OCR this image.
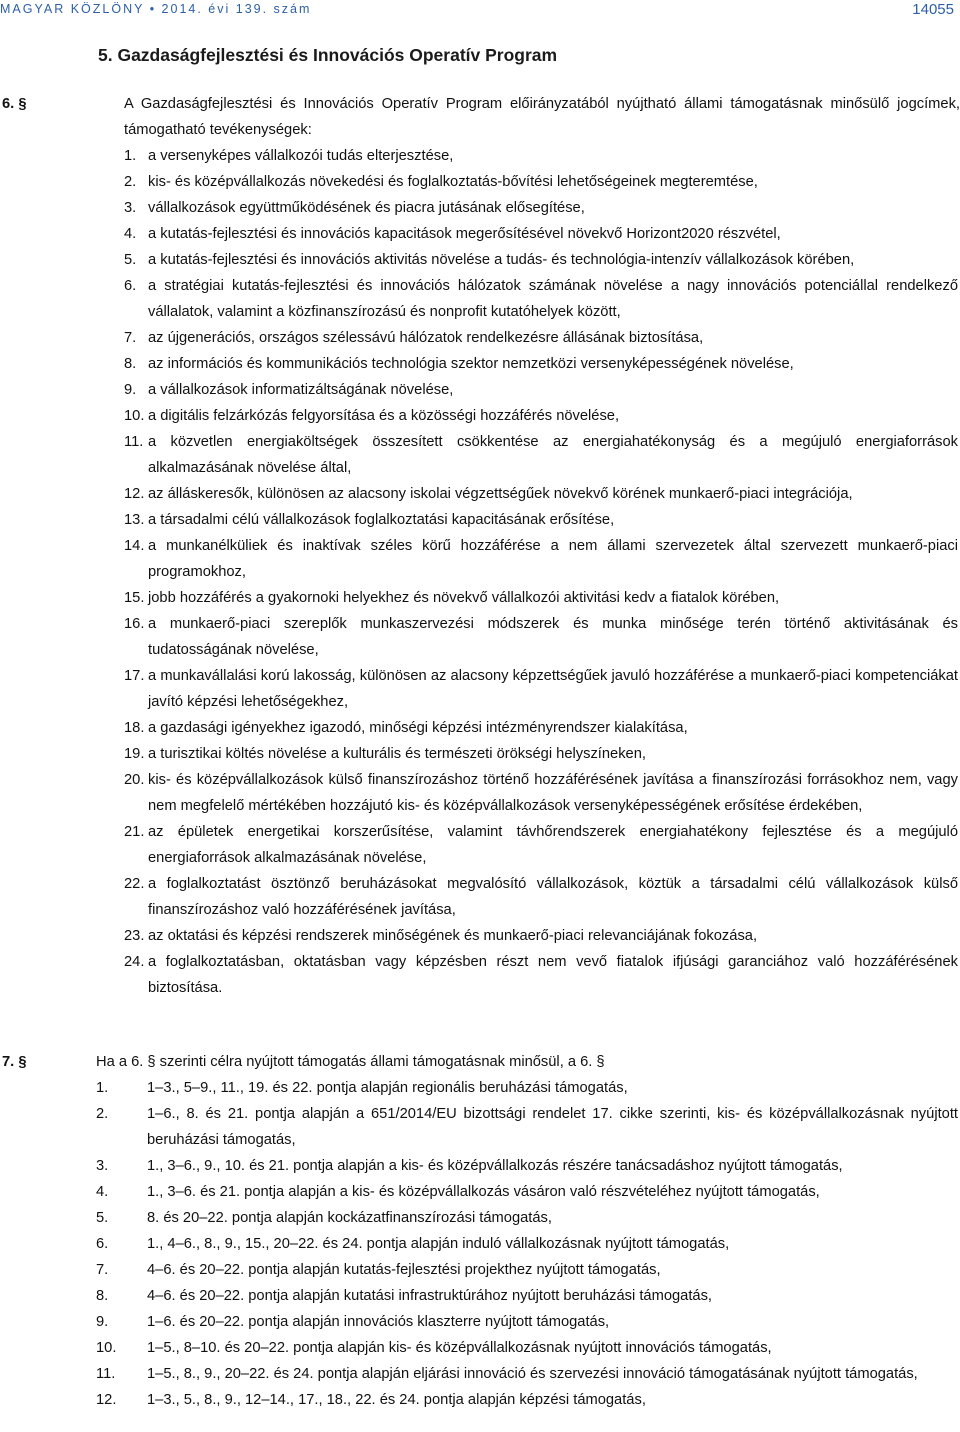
MAGYAR KÖZLÖNY • 2014. évi 139. szám	14055
5. Gazdaságfejlesztési és Innovációs Operatív Program
6. §	A Gazdaságfejlesztési és Innovációs Operatív Program előirányzatából nyújtható állami támogatásnak minősülő jogcímek, támogatható tevékenységek:
1. a versenyképes vállalkozói tudás elterjesztése,
2. kis- és középvállalkozás növekedési és foglalkoztatás-bővítési lehetőségeinek megteremtése,
3. vállalkozások együttműködésének és piacra jutásának elősegítése,
4. a kutatás-fejlesztési és innovációs kapacitások megerősítésével növekvő Horizont2020 részvétel,
5. a kutatás-fejlesztési és innovációs aktivitás növelése a tudás- és technológia-intenzív vállalkozások körében,
6. a stratégiai kutatás-fejlesztési és innovációs hálózatok számának növelése a nagy innovációs potenciállal rendelkező vállalatok, valamint a közfinanszírozású és nonprofit kutatóhelyek között,
7. az újgenerációs, országos szélessávú hálózatok rendelkezésre állásának biztosítása,
8. az információs és kommunikációs technológia szektor nemzetközi versenyképességének növelése,
9. a vállalkozások informatizáltságának növelése,
10. a digitális felzárkózás felgyorsítása és a közösségi hozzáférés növelése,
11. a közvetlen energiaköltségek összesített csökkentése az energiahatékonyság és a megújuló energiaforrások alkalmazásának növelése által,
12. az álláskeresők, különösen az alacsony iskolai végzettségűek növekvő körének munkaerő-piaci integrációja,
13. a társadalmi célú vállalkozások foglalkoztatási kapacitásának erősítése,
14. a munkanélküliek és inaktívak széles körű hozzáférése a nem állami szervezetek által szervezett munkaerő-piaci programokhoz,
15. jobb hozzáférés a gyakornoki helyekhez és növekvő vállalkozói aktivitási kedv a fiatalok körében,
16. a munkaerő-piaci szereplők munkaszervezési módszerek és munka minősége terén történő aktivitásának és tudatosságának növelése,
17. a munkavállalási korú lakosság, különösen az alacsony képzettségűek javuló hozzáférése a munkaerő-piaci kompetenciákat javító képzési lehetőségekhez,
18. a gazdasági igényekhez igazodó, minőségi képzési intézményrendszer kialakítása,
19. a turisztikai költés növelése a kulturális és természeti örökségi helyszíneken,
20. kis- és középvállalkozások külső finanszírozáshoz történő hozzáférésének javítása a finanszírozási forrásokhoz nem, vagy nem megfelelő mértékében hozzájutó kis- és középvállalkozások versenyképességének erősítése érdekében,
21. az épületek energetikai korszerűsítése, valamint távhőrendszerek energiahatékony fejlesztése és a megújuló energiaforrások alkalmazásának növelése,
22. a foglalkoztatást ösztönző beruházásokat megvalósító vállalkozások, köztük a társadalmi célú vállalkozások külső finanszírozáshoz való hozzáférésének javítása,
23. az oktatási és képzési rendszerek minőségének és munkaerő-piaci relevanciájának fokozása,
24. a foglalkoztatásban, oktatásban vagy képzésben részt nem vevő fiatalok ifjúsági garanciához való hozzáférésének biztosítása.
7. §	Ha a 6. § szerinti célra nyújtott támogatás állami támogatásnak minősül, a 6. §
1.	1–3., 5–9., 11., 19. és 22. pontja alapján regionális beruházási támogatás,
2.	1–6., 8. és 21. pontja alapján a 651/2014/EU bizottsági rendelet 17. cikke szerinti, kis- és középvállalkozásnak nyújtott beruházási támogatás,
3.	1., 3–6., 9., 10. és 21. pontja alapján a kis- és középvállalkozás részére tanácsadáshoz nyújtott támogatás,
4.	1., 3–6. és 21. pontja alapján a kis- és középvállalkozás vásáron való részvételéhez nyújtott támogatás,
5.	8. és 20–22. pontja alapján kockázatfinanszírozási támogatás,
6.	1., 4–6., 8., 9., 15., 20–22. és 24. pontja alapján induló vállalkozásnak nyújtott támogatás,
7.	4–6. és 20–22. pontja alapján kutatás-fejlesztési projekthez nyújtott támogatás,
8.	4–6. és 20–22. pontja alapján kutatási infrastruktúrához nyújtott beruházási támogatás,
9.	1–6. és 20–22. pontja alapján innovációs klaszterre nyújtott támogatás,
10. 1–5., 8–10. és 20–22. pontja alapján kis- és középvállalkozásnak nyújtott innovációs támogatás,
11. 1–5., 8., 9., 20–22. és 24. pontja alapján eljárási innováció és szervezési innováció támogatásának nyújtott támogatás,
12. 1–3., 5., 8., 9., 12–14., 17., 18., 22. és 24. pontja alapján képzési támogatás,
